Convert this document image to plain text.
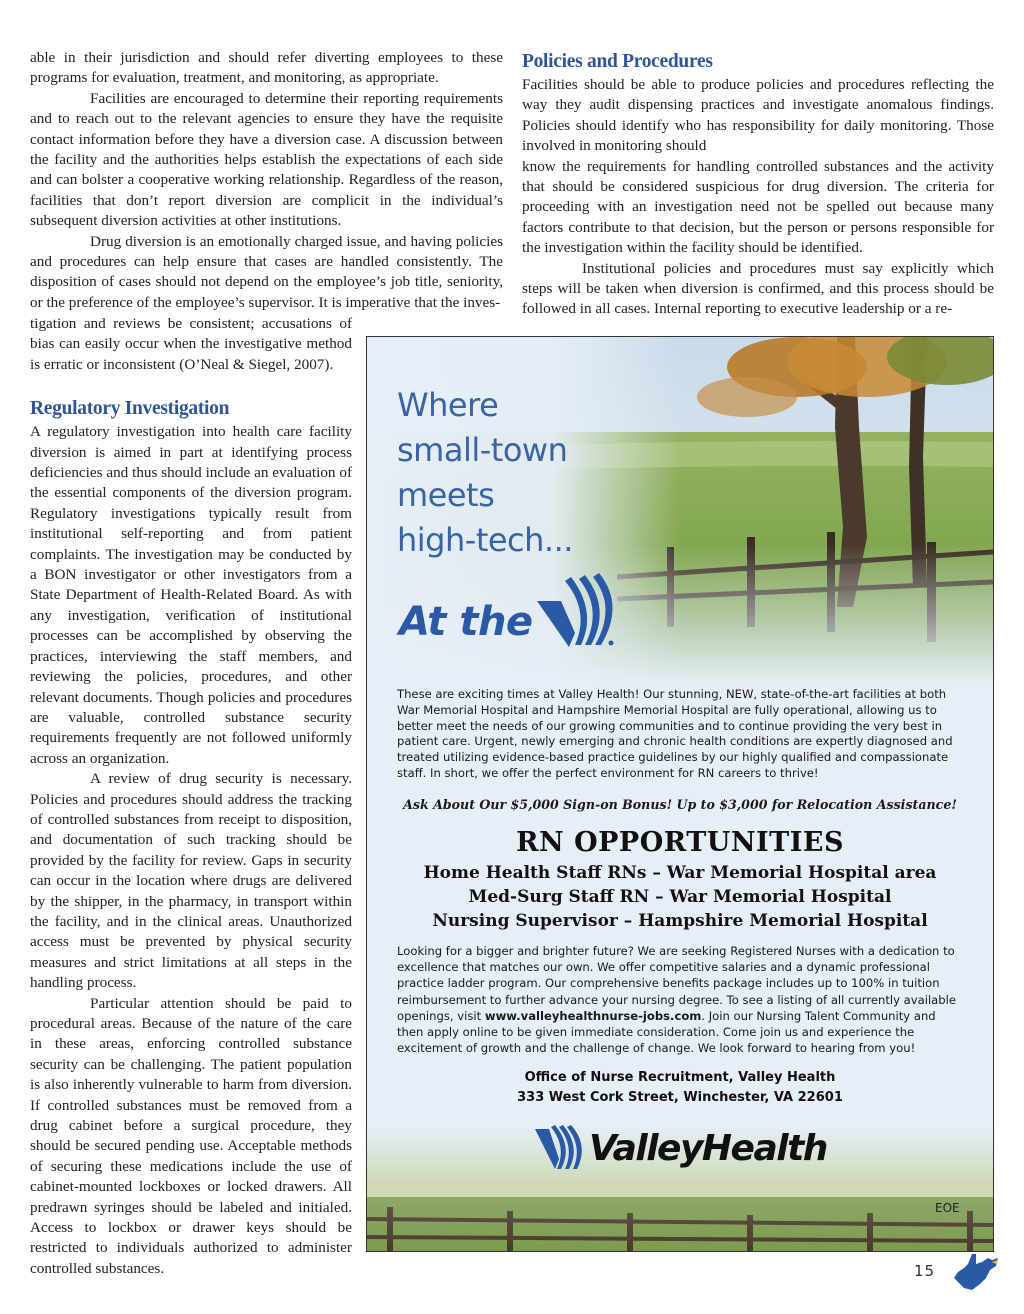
able in their jurisdiction and should refer diverting employees to these programs for evaluation, treatment, and monitoring, as appropriate.

Facilities are encouraged to determine their reporting requirements and to reach out to the relevant agencies to ensure they have the requisite contact information before they have a diversion case. A discussion between the facility and the authorities helps establish the expectations of each side and can bolster a cooperative working relationship. Regardless of the reason, facilities that don’t report diversion are complicit in the individual’s subsequent diversion activities at other institutions.

Drug diversion is an emotionally charged issue, and having policies and procedures can help ensure that cases are handled consistently. The disposition of cases should not depend on the employee’s job title, seniority, or the preference of the employee’s supervisor. It is imperative that the inves-

Policies and Procedures

Facilities should be able to produce policies and procedures reflecting the way they audit dispensing practices and investigate anomalous findings. Policies should identify who has responsibility for daily monitoring. Those involved in monitoring should

know the requirements for handling controlled substances and the activity that should be considered suspicious for drug diversion. The criteria for proceeding with an investigation need not be spelled out because many factors contribute to that decision, but the person or persons responsible for the investigation within the facility should be identified.

Institutional policies and procedures must say explicitly which steps will be taken when diversion is confirmed, and this process should be followed in all cases. Internal reporting to executive leadership or a re-

tigation and reviews be consistent; accusations of bias can easily occur when the investigative method is erratic or inconsistent (O’Neal & Siegel, 2007).

Regulatory Investigation

A regulatory investigation into health care facility diversion is aimed in part at identifying process deficiencies and thus should include an evaluation of the essential components of the diversion program. Regulatory investigations typically result from institutional self-reporting and from patient complaints. The investigation may be conducted by a BON investigator or other investigators from a State Department of Health-Related Board. As with any investigation, verification of institutional processes can be accomplished by observing the practices, interviewing the staff members, and reviewing the policies, procedures, and other relevant documents. Though policies and procedures are valuable, controlled substance security requirements frequently are not followed uniformly across an organization.

A review of drug security is necessary. Policies and procedures should address the tracking of controlled substances from receipt to disposition, and documentation of such tracking should be provided by the facility for review. Gaps in security can occur in the location where drugs are delivered by the shipper, in the pharmacy, in transport within the facility, and in the clinical areas. Unauthorized access must be prevented by physical security measures and strict limitations at all steps in the handling process.

Particular attention should be paid to procedural areas. Because of the nature of the care in these areas, enforcing controlled substance security can be challenging. The patient population is also inherently vulnerable to harm from diversion. If controlled substances must be removed from a drug cabinet before a surgical procedure, they should be secured pending use. Acceptable methods of securing these medications include the use of cabinet-mounted lockboxes or locked drawers. All predrawn syringes should be labeled and initialed. Access to lockbox or drawer keys should be restricted to individuals authorized to administer controlled substances.

Where
small-town
meets
high-tech...
At the

These are exciting times at Valley Health! Our stunning, NEW, state-of-the-art facilities at both War Memorial Hospital and Hampshire Memorial Hospital are fully operational, allowing us to better meet the needs of our growing communities and to continue providing the very best in patient care. Urgent, newly emerging and chronic health conditions are expertly diagnosed and treated utilizing evidence-based practice guidelines by our highly qualified and compassionate staff. In short, we offer the perfect environment for RN careers to thrive!

Ask About Our $5,000 Sign-on Bonus! Up to $3,000 for Relocation Assistance!
RN OPPORTUNITIES
Home Health Staff RNs – War Memorial Hospital area
Med-Surg Staff RN – War Memorial Hospital
Nursing Supervisor – Hampshire Memorial Hospital

Looking for a bigger and brighter future? We are seeking Registered Nurses with a dedication to excellence that matches our own. We offer competitive salaries and a dynamic professional practice ladder program. Our comprehensive benefits package includes up to 100% in tuition reimbursement to further advance your nursing degree. To see a listing of all currently available openings, visit www.valleyhealthnurse-jobs.com. Join our Nursing Talent Community and then apply online to be given immediate consideration. Come join us and experience the excitement of growth and the challenge of change. We look forward to hearing from you!

Office of Nurse Recruitment, Valley Health
333 West Cork Street, Winchester, VA 22601
ValleyHealth
EOE
15
